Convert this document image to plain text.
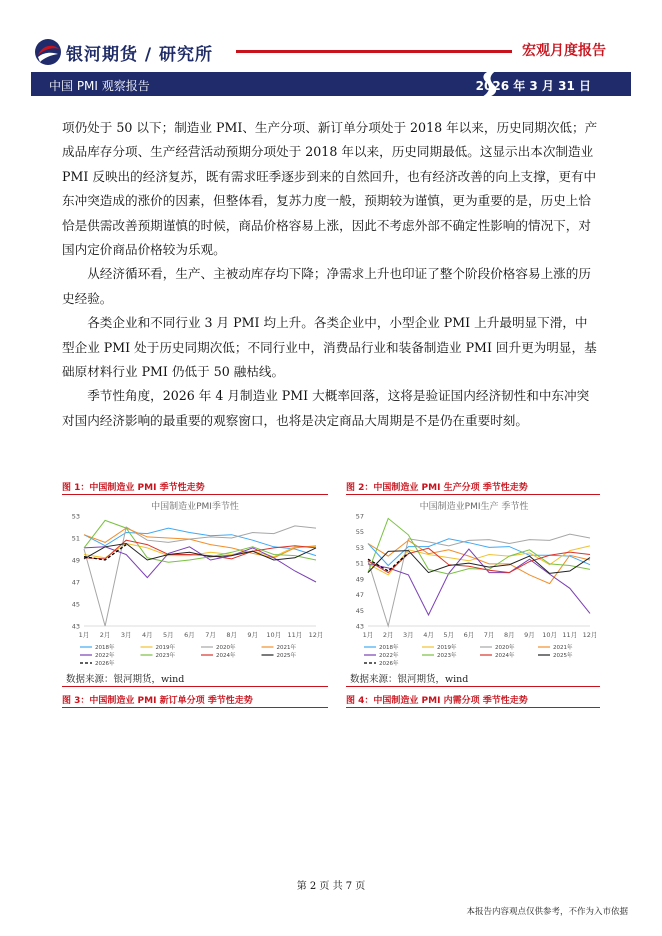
银河期货 / 研究所	宏观月度报告
中国 PMI 观察报告	2026 年 3 月 31 日

项仍处于 50 以下；制造业 PMI、生产分项、新订单分项处于 2018 年以来，历史同期次低；产成品库存分项、生产经营活动预期分项处于 2018 年以来，历史同期最低。这显示出本次制造业 PMI 反映出的经济复苏，既有需求旺季逐步到来的自然回升，也有经济改善的向上支撑，更有中东冲突造成的涨价的因素，但整体看，复苏力度一般，预期较为谨慎，更为重要的是，历史上恰恰是供需改善预期谨慎的时候，商品价格容易上涨，因此不考虑外部不确定性影响的情况下，对国内定价商品价格较为乐观。

从经济循环看，生产、主被动库存均下降；净需求上升也印证了整个阶段价格容易上涨的历史经验。

各类企业和不同行业 3 月 PMI 均上升。各类企业中，小型企业 PMI 上升最明显下滑，中型企业 PMI 处于历史同期次低；不同行业中，消费品行业和装备制造业 PMI 回升更为明显，基础原材料行业 PMI 仍低于 50 融枯线。

季节性角度，2026 年 4 月制造业 PMI 大概率回落，这将是验证国内经济韧性和中东冲突对国内经济影响的最重要的观察窗口，也将是决定商品大周期是不是仍在重要时刻。

图 1：中国制造业 PMI 季节性走势	图 2：中国制造业 PMI 生产分项 季节性走势
中国制造业PMI季节性
43
45
47
49
51
53
1月 2月 3月 4月 5月 6月 7月 8月 9月 10月 11月 12月
2018年	2019年	2020年	2021年
2022年	2023年	2024年	2025年
2026年
中国制造业PMI生产 季节性
43
45
47
49
51
53
55
57
1月 2月 3月 4月 5月 6月 7月 8月 9月 10月 11月 12月
2018年	2019年	2020年	2021年
2022年	2023年	2024年	2025年
2026年
数据来源：银河期货，wind	数据来源：银河期货，wind
图 3：中国制造业 PMI 新订单分项 季节性走势	图 4：中国制造业 PMI 内需分项 季节性走势
第 2 页 共 7 页
本报告内容观点仅供参考，不作为入市依据
